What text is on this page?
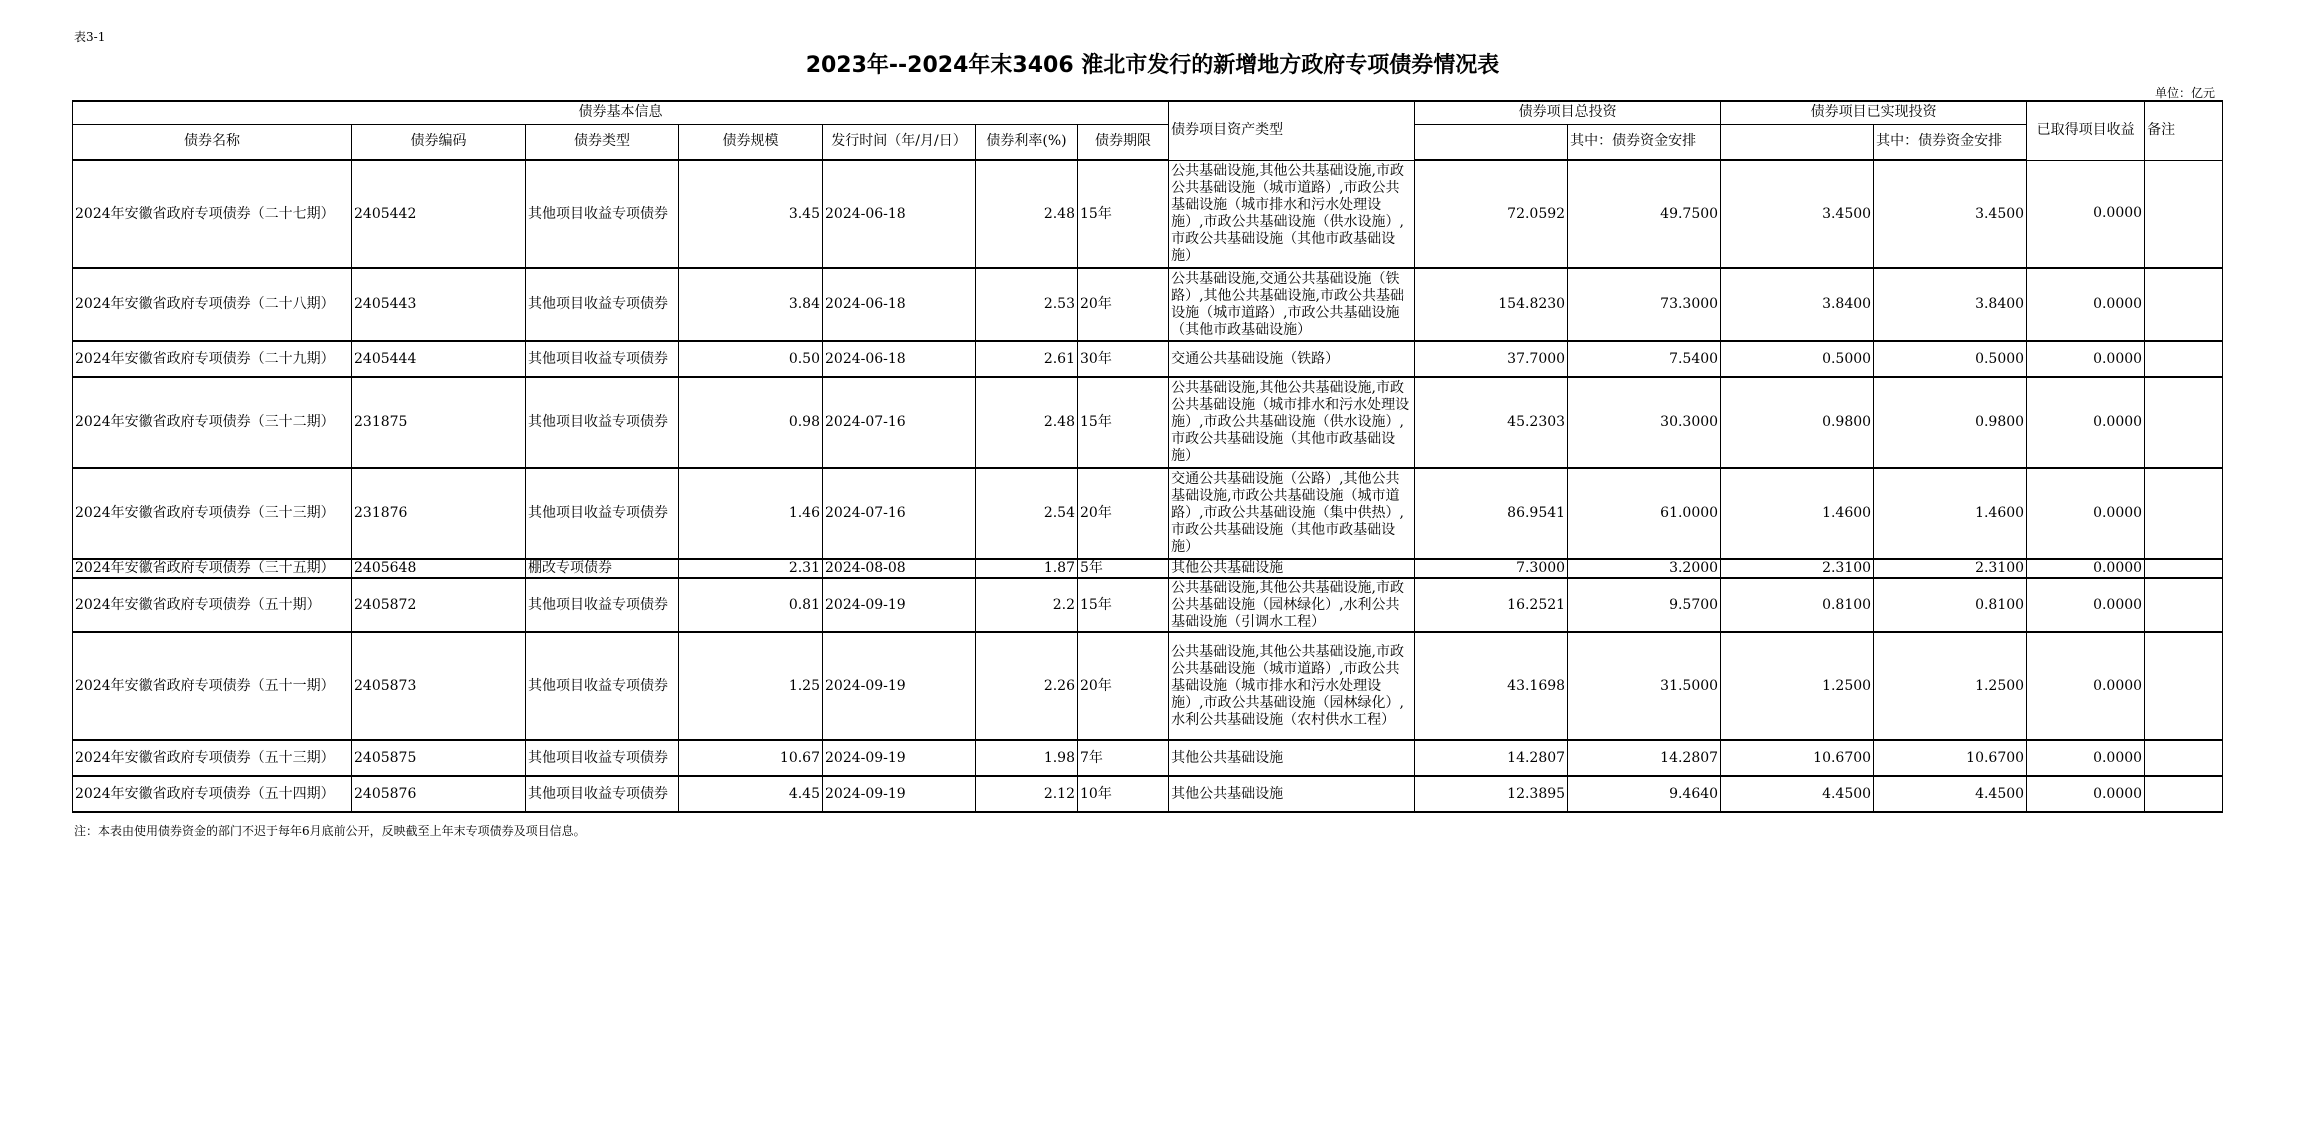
表3-1
2023年--2024年末3406 淮北市发行的新增地方政府专项债券情况表
单位：亿元
债券基本信息							债券项目资产类型	债券项目总投资		债券项目已实现投资		已取得项目收益	备注
债券名称	债券编码	债券类型	债券规模	发行时间（年/月/日）	债券利率(%)	债券期限			其中：债券资金安排		其中：债券资金安排		
2024年安徽省政府专项债券（二十七期）	2405442	其他项目收益专项债券	3.45	2024-06-18	2.48	15年	公共基础设施,其他公共基础设施,市政公共基础设施（城市道路）,市政公共基础设施（城市排水和污水处理设施）,市政公共基础设施（供水设施）,市政公共基础设施（其他市政基础设施）	72.0592	49.7500	3.4500	3.4500	0.0000	
2024年安徽省政府专项债券（二十八期）	2405443	其他项目收益专项债券	3.84	2024-06-18	2.53	20年	公共基础设施,交通公共基础设施（铁路）,其他公共基础设施,市政公共基础设施（城市道路）,市政公共基础设施（其他市政基础设施）	154.8230	73.3000	3.8400	3.8400	0.0000	
2024年安徽省政府专项债券（二十九期）	2405444	其他项目收益专项债券	0.50	2024-06-18	2.61	30年	交通公共基础设施（铁路）	37.7000	7.5400	0.5000	0.5000	0.0000	
2024年安徽省政府专项债券（三十二期）	231875	其他项目收益专项债券	0.98	2024-07-16	2.48	15年	公共基础设施,其他公共基础设施,市政公共基础设施（城市排水和污水处理设施）,市政公共基础设施（供水设施）,市政公共基础设施（其他市政基础设施）	45.2303	30.3000	0.9800	0.9800	0.0000	
2024年安徽省政府专项债券（三十三期）	231876	其他项目收益专项债券	1.46	2024-07-16	2.54	20年	交通公共基础设施（公路）,其他公共基础设施,市政公共基础设施（城市道路）,市政公共基础设施（集中供热）,市政公共基础设施（其他市政基础设施）	86.9541	61.0000	1.4600	1.4600	0.0000	
2024年安徽省政府专项债券（三十五期）	2405648	棚改专项债券	2.31	2024-08-08	1.87	5年	其他公共基础设施	7.3000	3.2000	2.3100	2.3100	0.0000	
2024年安徽省政府专项债券（五十期）	2405872	其他项目收益专项债券	0.81	2024-09-19	2.2	15年	公共基础设施,其他公共基础设施,市政公共基础设施（园林绿化）,水利公共基础设施（引调水工程）	16.2521	9.5700	0.8100	0.8100	0.0000	
2024年安徽省政府专项债券（五十一期）	2405873	其他项目收益专项债券	1.25	2024-09-19	2.26	20年	公共基础设施,其他公共基础设施,市政公共基础设施（城市道路）,市政公共基础设施（城市排水和污水处理设施）,市政公共基础设施（园林绿化）,水利公共基础设施（农村供水工程）	43.1698	31.5000	1.2500	1.2500	0.0000	
2024年安徽省政府专项债券（五十三期）	2405875	其他项目收益专项债券	10.67	2024-09-19	1.98	7年	其他公共基础设施	14.2807	14.2807	10.6700	10.6700	0.0000	
2024年安徽省政府专项债券（五十四期）	2405876	其他项目收益专项债券	4.45	2024-09-19	2.12	10年	其他公共基础设施	12.3895	9.4640	4.4500	4.4500	0.0000	
注：本表由使用债券资金的部门不迟于每年6月底前公开，反映截至上年末专项债券及项目信息。
